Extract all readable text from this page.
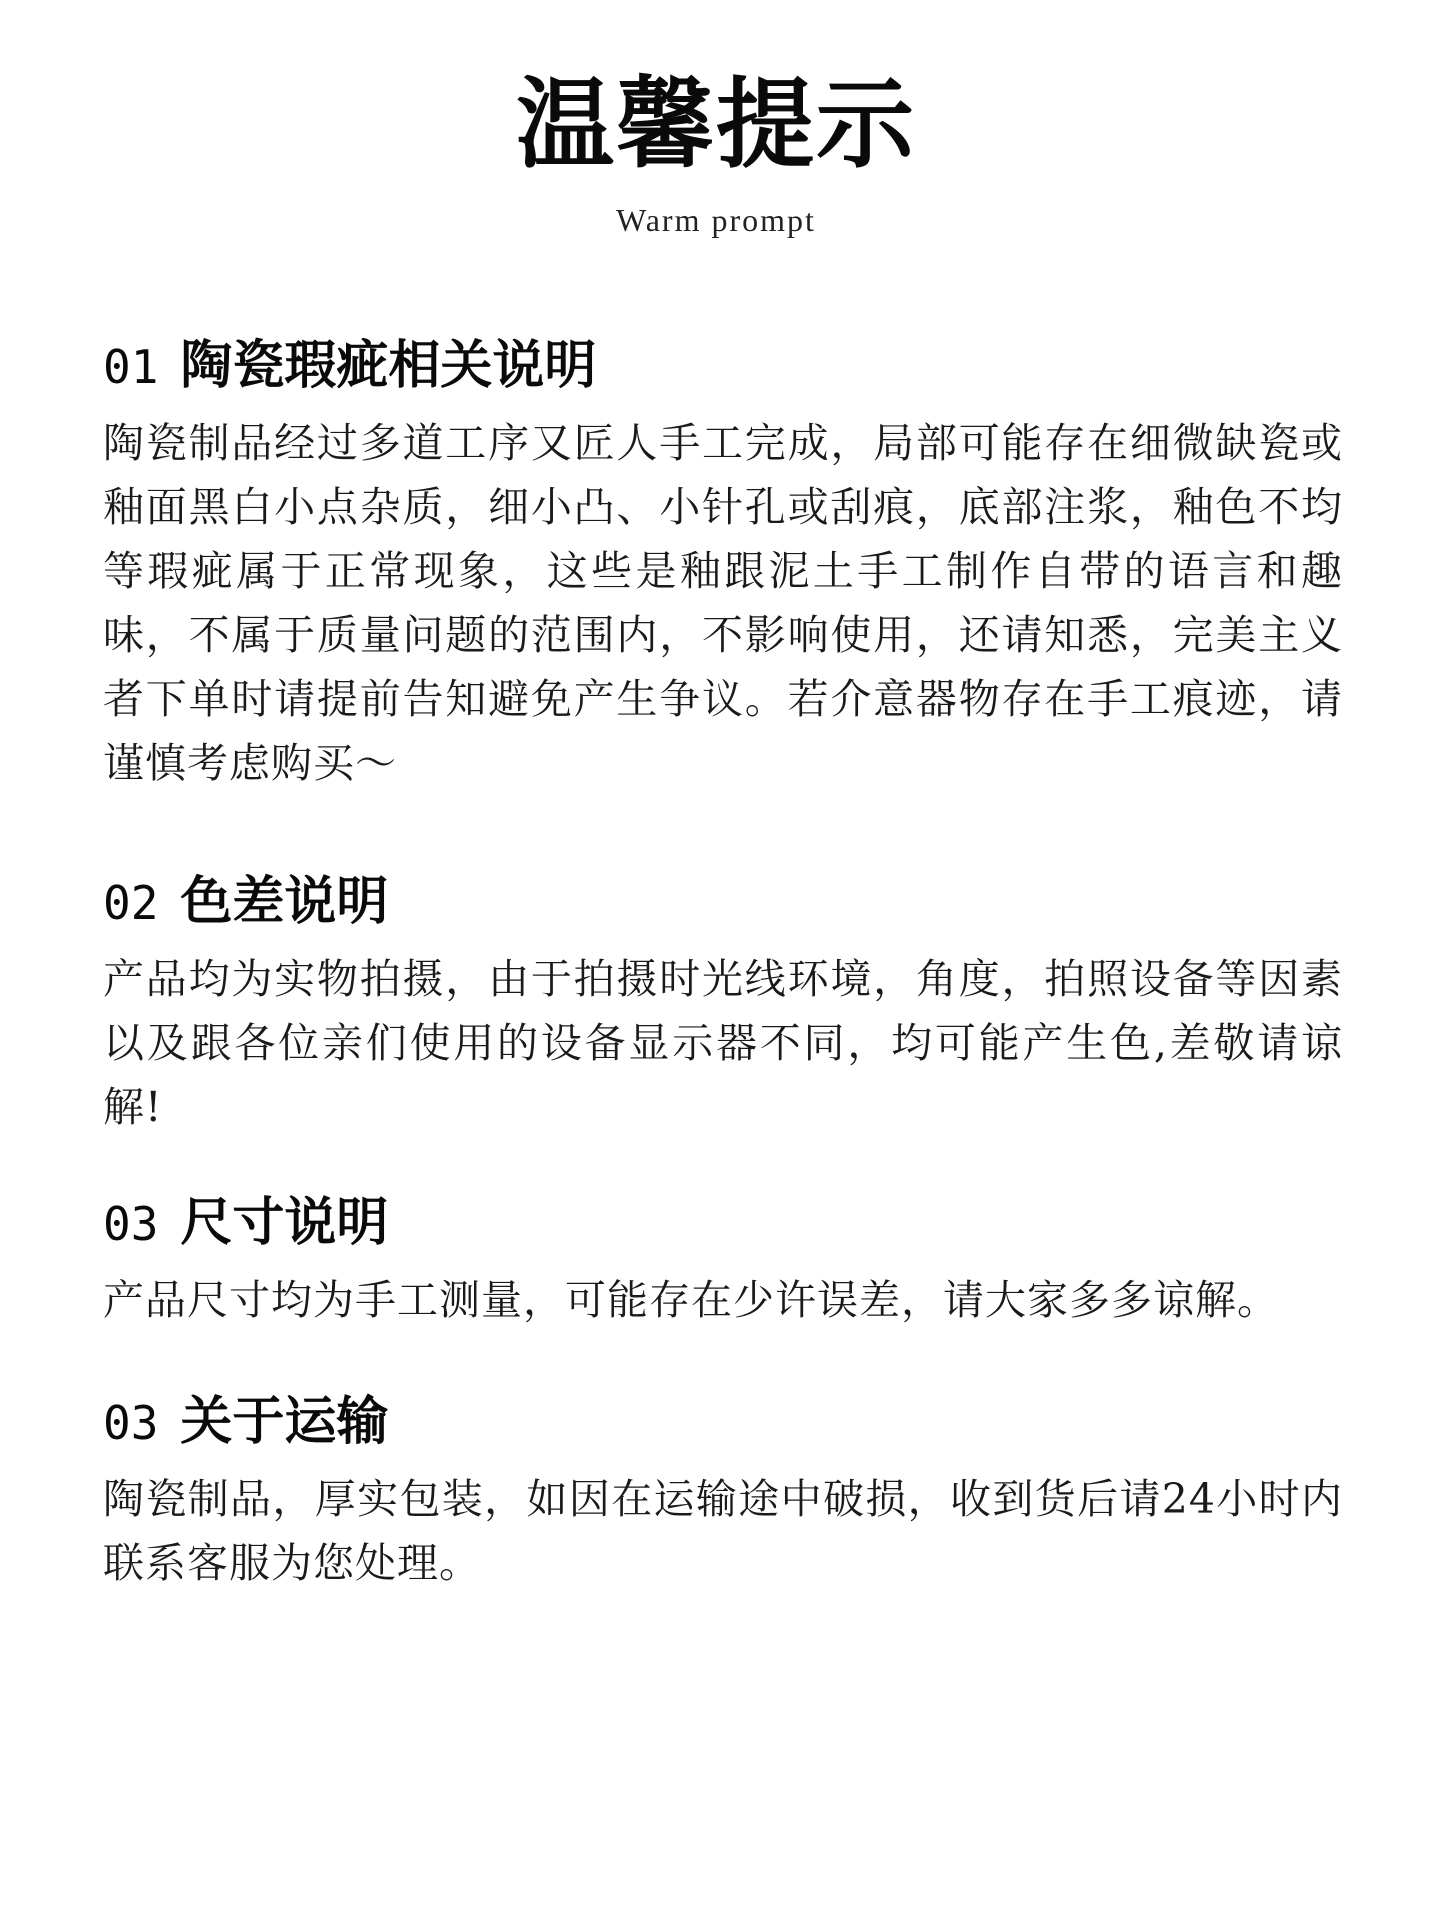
温馨提示
Warm prompt
01 陶瓷瑕疵相关说明
陶瓷制品经过多道工序又匠人手工完成，局部可能存在细微缺瓷或釉面黑白小点杂质，细小凸、小针孔或刮痕，底部注浆，釉色不均等瑕疵属于正常现象，这些是釉跟泥土手工制作自带的语言和趣味，不属于质量问题的范围内，不影响使用，还请知悉，完美主义者下单时请提前告知避免产生争议。若介意器物存在手工痕迹，请谨慎考虑购买～
02 色差说明
产品均为实物拍摄，由于拍摄时光线环境，角度，拍照设备等因素以及跟各位亲们使用的设备显示器不同，均可能产生色,差敬请谅解!
03 尺寸说明
产品尺寸均为手工测量，可能存在少许误差，请大家多多谅解。
03 关于运输
陶瓷制品，厚实包装，如因在运输途中破损，收到货后请24小时内联系客服为您处理。
